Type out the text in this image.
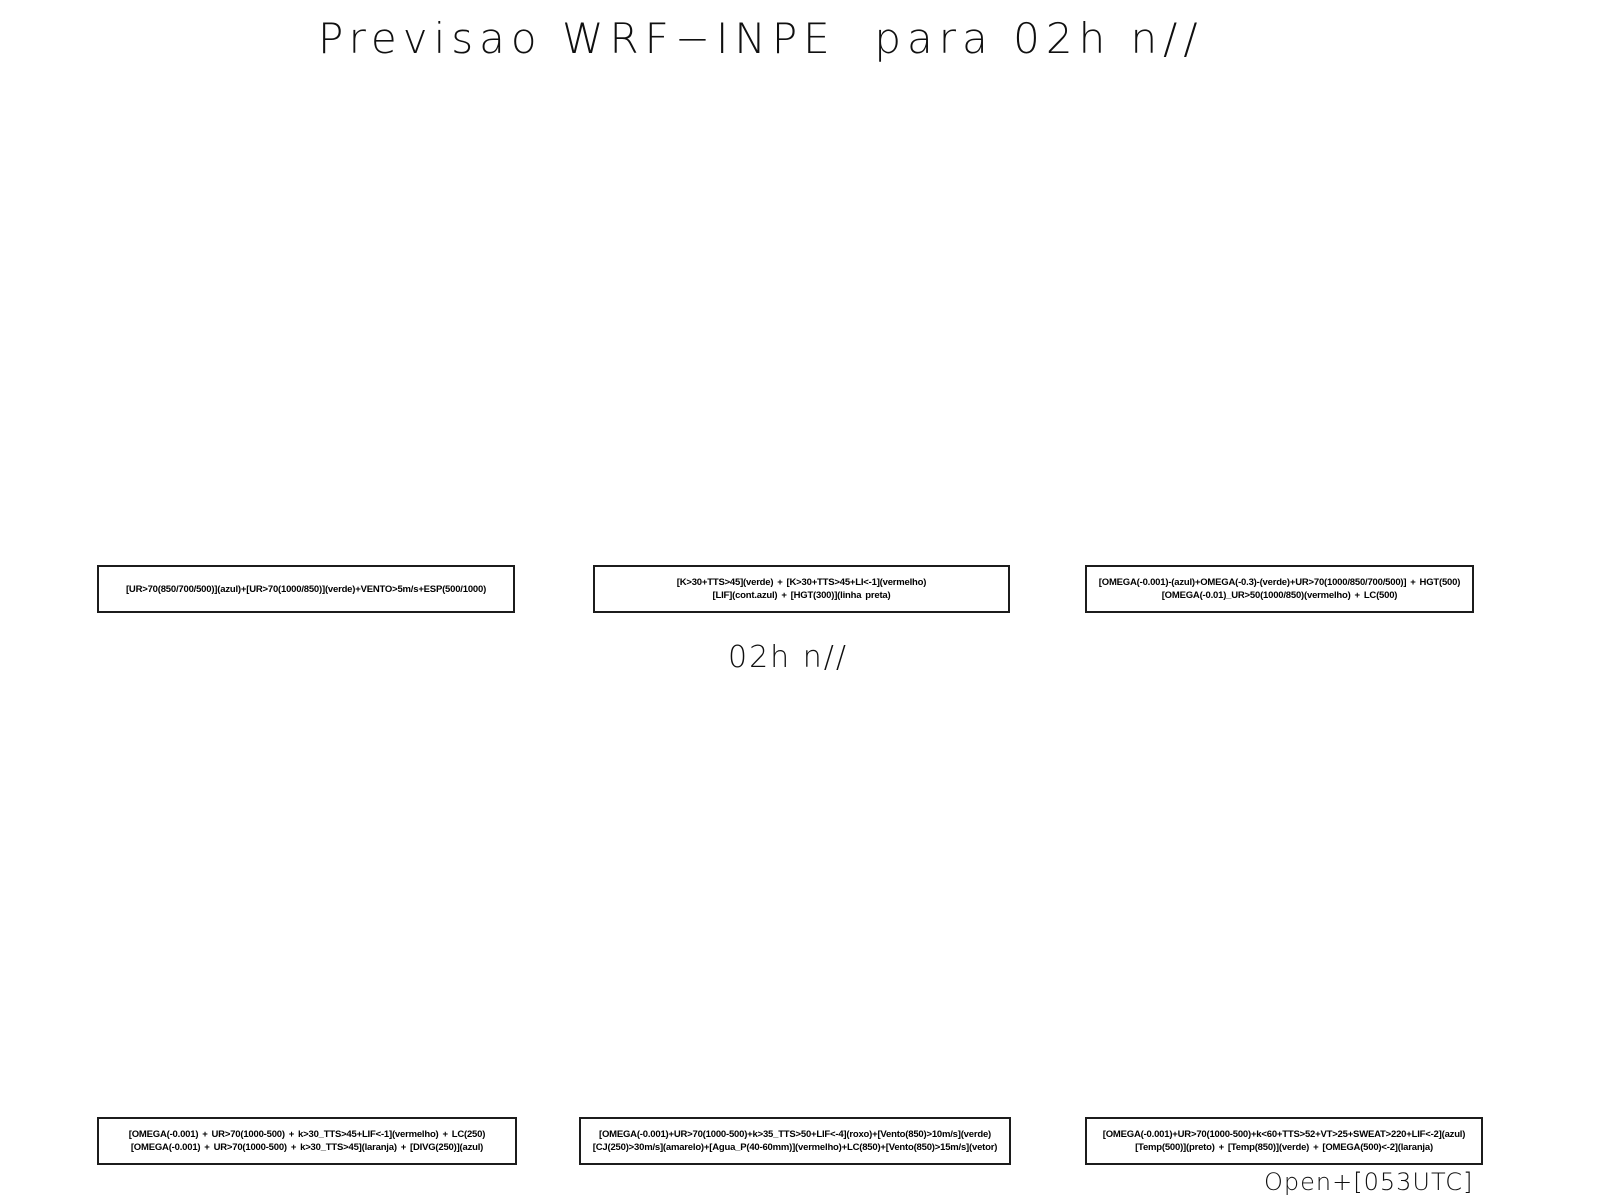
Previsao WRF−INPE  para 02h n//
[UR>70(850/700/500)](azul)+[UR>70(1000/850)](verde)+VENTO>5m/s+ESP(500/1000)
[K>30+TTS>45](verde) + [K>30+TTS>45+LI<-1](vermelho)
[LIF](cont.azul) + [HGT(300)](linha preta)
[OMEGA(-0.001)-(azul)+OMEGA(-0.3)-(verde)+UR>70(1000/850/700/500)] + HGT(500)
[OMEGA(-0.01)_UR>50(1000/850)(vermelho) + LC(500)
02h n//
[OMEGA(-0.001) + UR>70(1000-500) + k>30_TTS>45+LIF<-1](vermelho) + LC(250)
[OMEGA(-0.001) + UR>70(1000-500) + k>30_TTS>45](laranja) + [DIVG(250)](azul)
[OMEGA(-0.001)+UR>70(1000-500)+k>35_TTS>50+LIF<-4](roxo)+[Vento(850)>10m/s](verde)
[CJ(250)>30m/s](amarelo)+[Agua_P(40-60mm)](vermelho)+LC(850)+[Vento(850)>15m/s](vetor)
[OMEGA(-0.001)+UR>70(1000-500)+k<60+TTS>52+VT>25+SWEAT>220+LIF<-2](azul)
[Temp(500)](preto) + [Temp(850)](verde) + [OMEGA(500)<-2](laranja)
Open+[053UTC]
